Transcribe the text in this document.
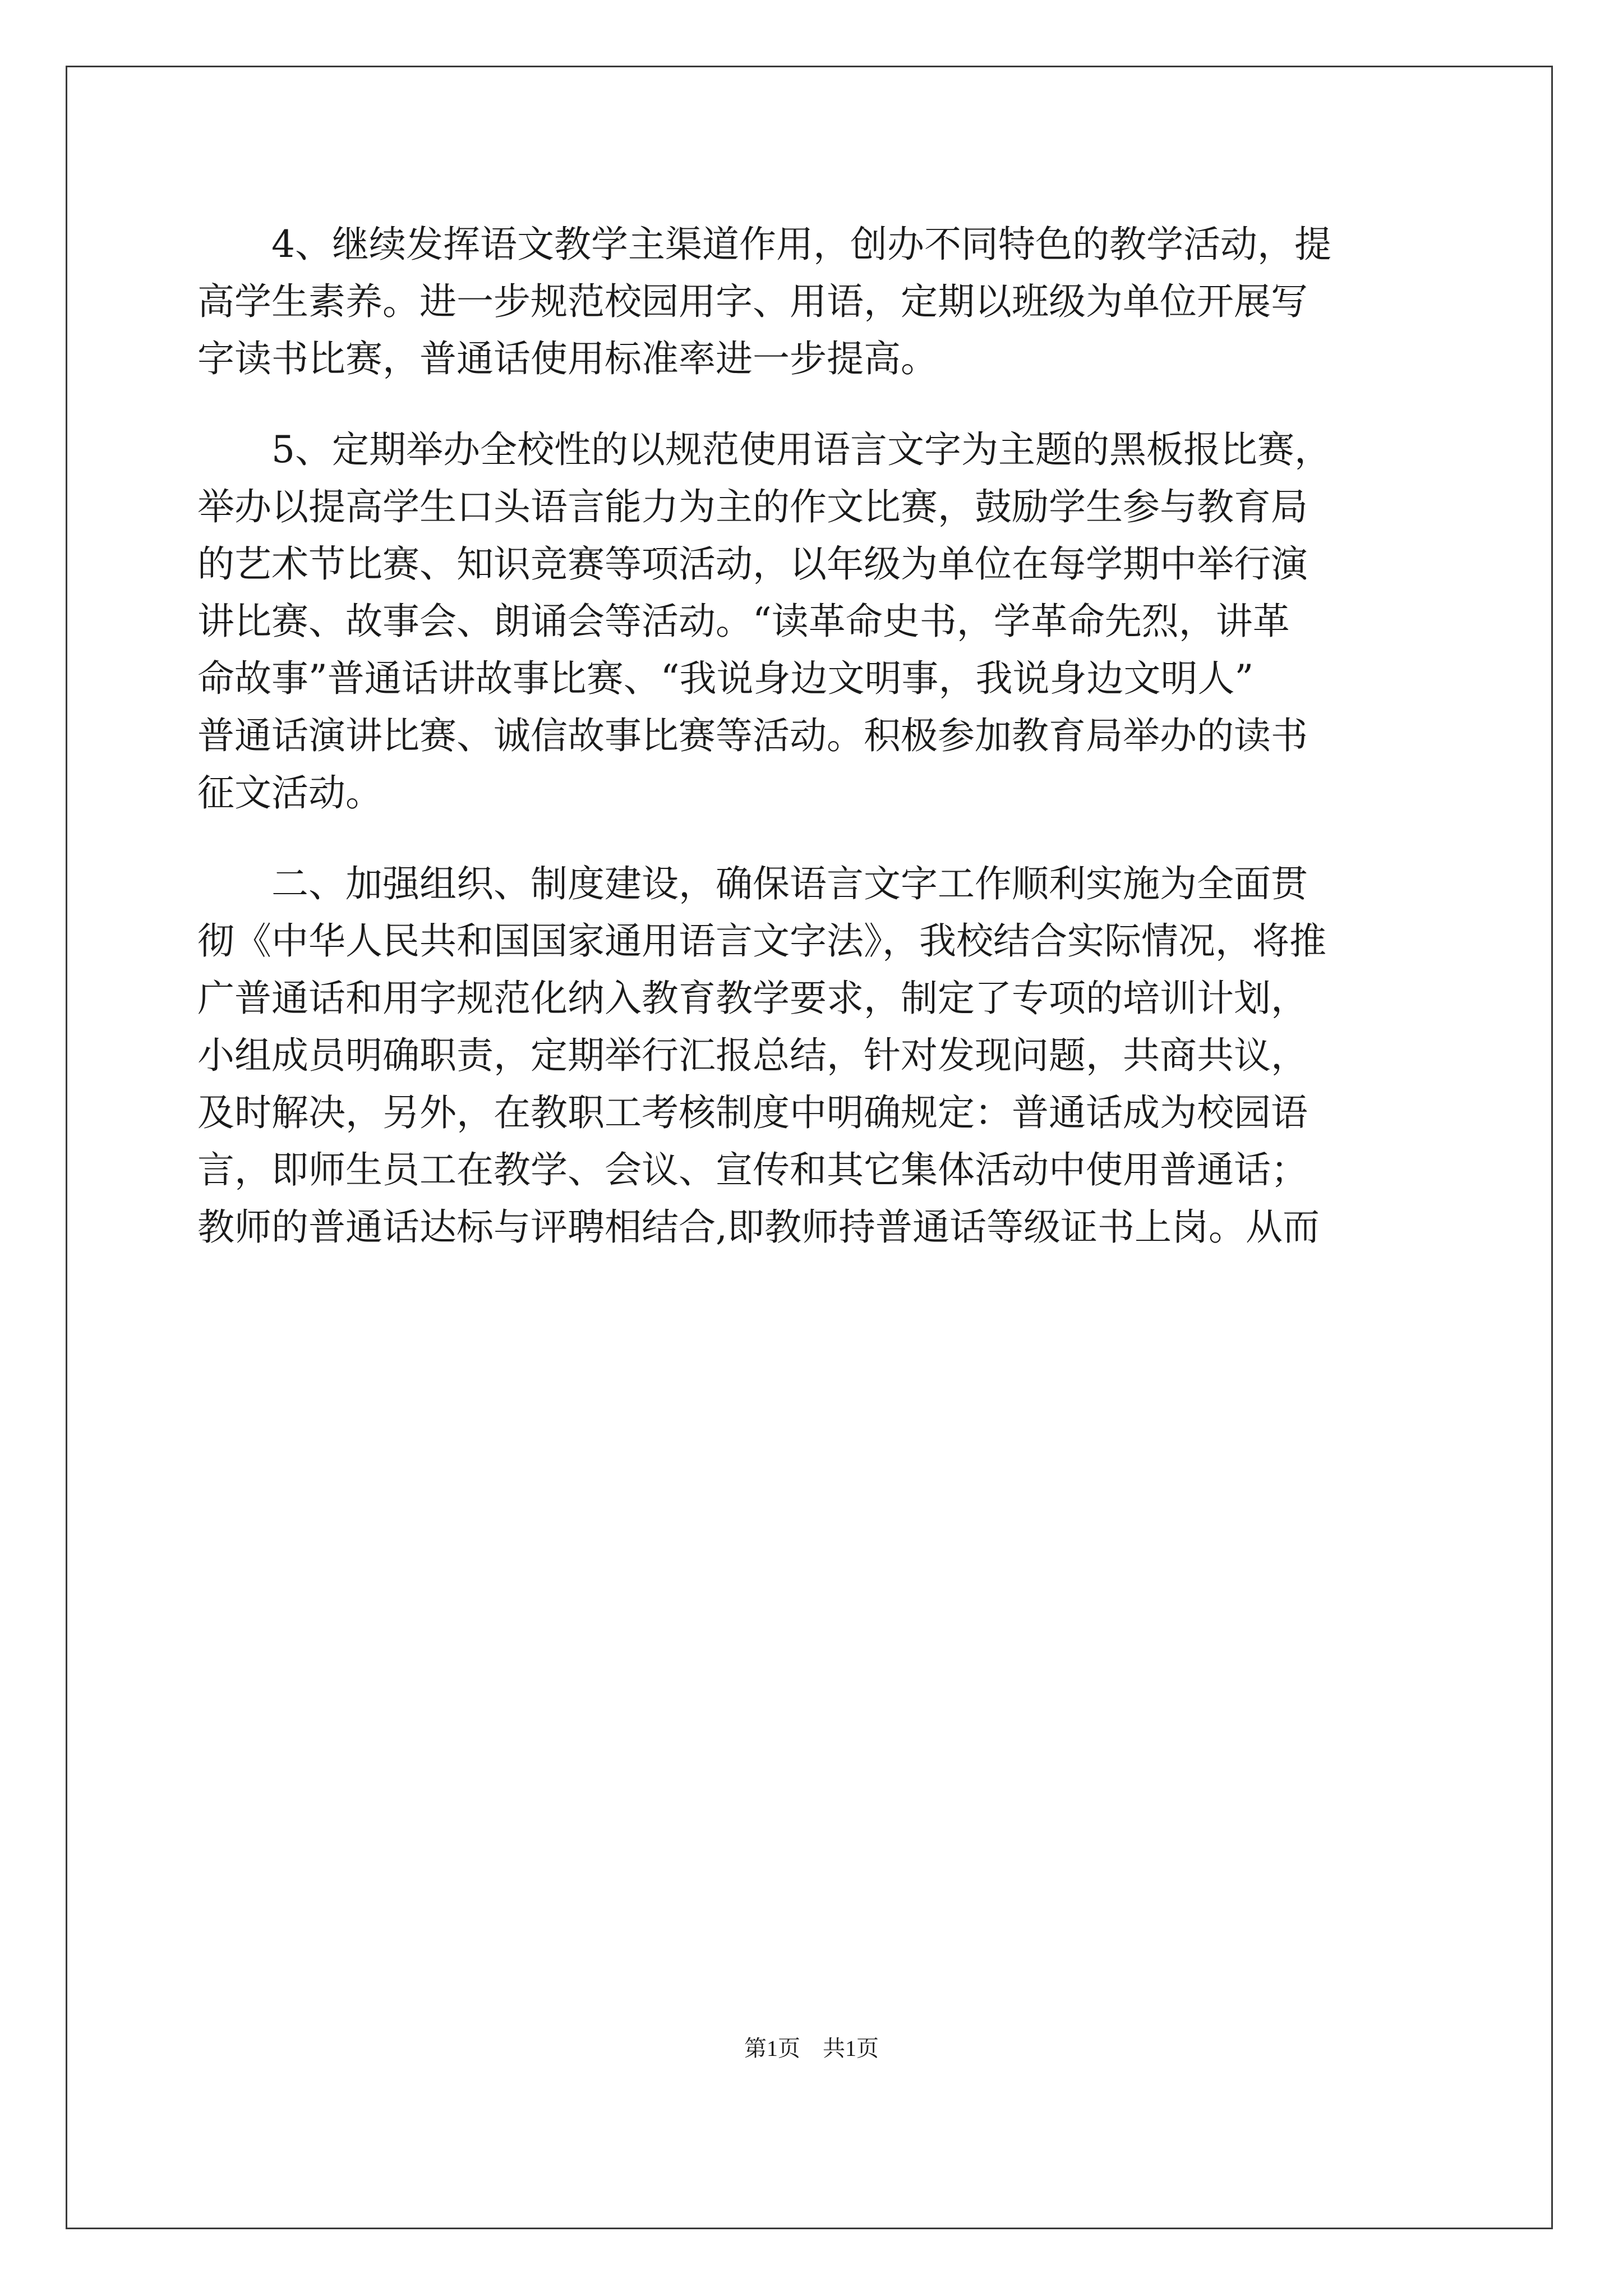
　　4、继续发挥语文教学主渠道作用，创办不同特色的教学活动，提
高学生素养。进一步规范校园用字、用语，定期以班级为单位开展写
字读书比赛，普通话使用标准率进一步提高。
　　5、定期举办全校性的以规范使用语言文字为主题的黑板报比赛，
举办以提高学生口头语言能力为主的作文比赛，鼓励学生参与教育局
的艺术节比赛、知识竞赛等项活动，以年级为单位在每学期中举行演
讲比赛、故事会、朗诵会等活动。“读革命史书，学革命先烈，讲革
命故事”普通话讲故事比赛、“我说身边文明事，我说身边文明人”
普通话演讲比赛、诚信故事比赛等活动。积极参加教育局举办的读书
征文活动。
　　二、加强组织、制度建设，确保语言文字工作顺利实施为全面贯
彻《中华人民共和国国家通用语言文字法》，我校结合实际情况，将推
广普通话和用字规范化纳入教育教学要求，制定了专项的培训计划，
小组成员明确职责，定期举行汇报总结，针对发现问题，共商共议，
及时解决，另外，在教职工考核制度中明确规定：普通话成为校园语
言，即师生员工在教学、会议、宣传和其它集体活动中使用普通话；
教师的普通话达标与评聘相结合,即教师持普通话等级证书上岗。从而
第1页　共1页
